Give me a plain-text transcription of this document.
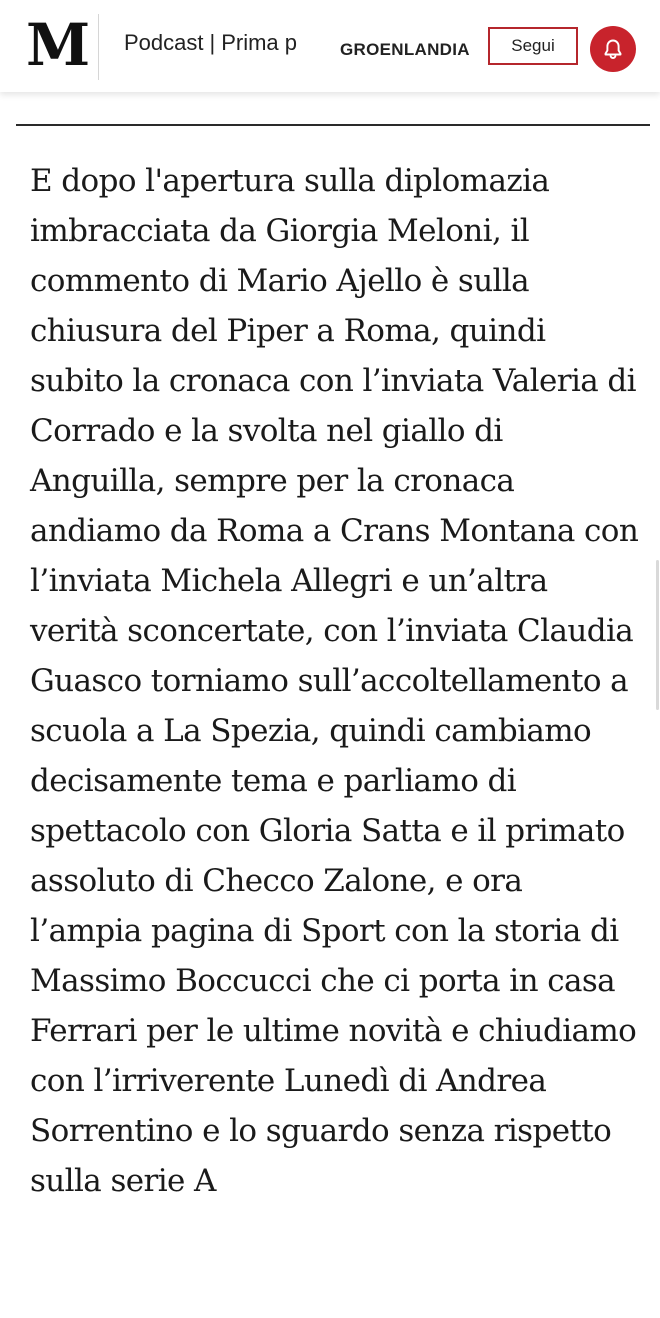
M Podcast | Prima p	GROENLANDIA	Segui

E dopo l'apertura sulla diplomazia imbracciata da Giorgia Meloni, il commento di Mario Ajello è sulla chiusura del Piper a Roma, quindi subito la cronaca con l’inviata Valeria di Corrado e la svolta nel giallo di Anguilla, sempre per la cronaca andiamo da Roma a Crans Montana con l’inviata Michela Allegri e un’altra verità sconcertate, con l’inviata Claudia Guasco torniamo sull’accoltellamento a scuola a La Spezia, quindi cambiamo decisamente tema e parliamo di spettacolo con Gloria Satta e il primato assoluto di Checco Zalone, e ora l’ampia pagina di Sport con la storia di Massimo Boccucci che ci porta in casa Ferrari per le ultime novità e chiudiamo con l’irriverente Lunedì di Andrea Sorrentino e lo sguardo senza rispetto sulla serie A
